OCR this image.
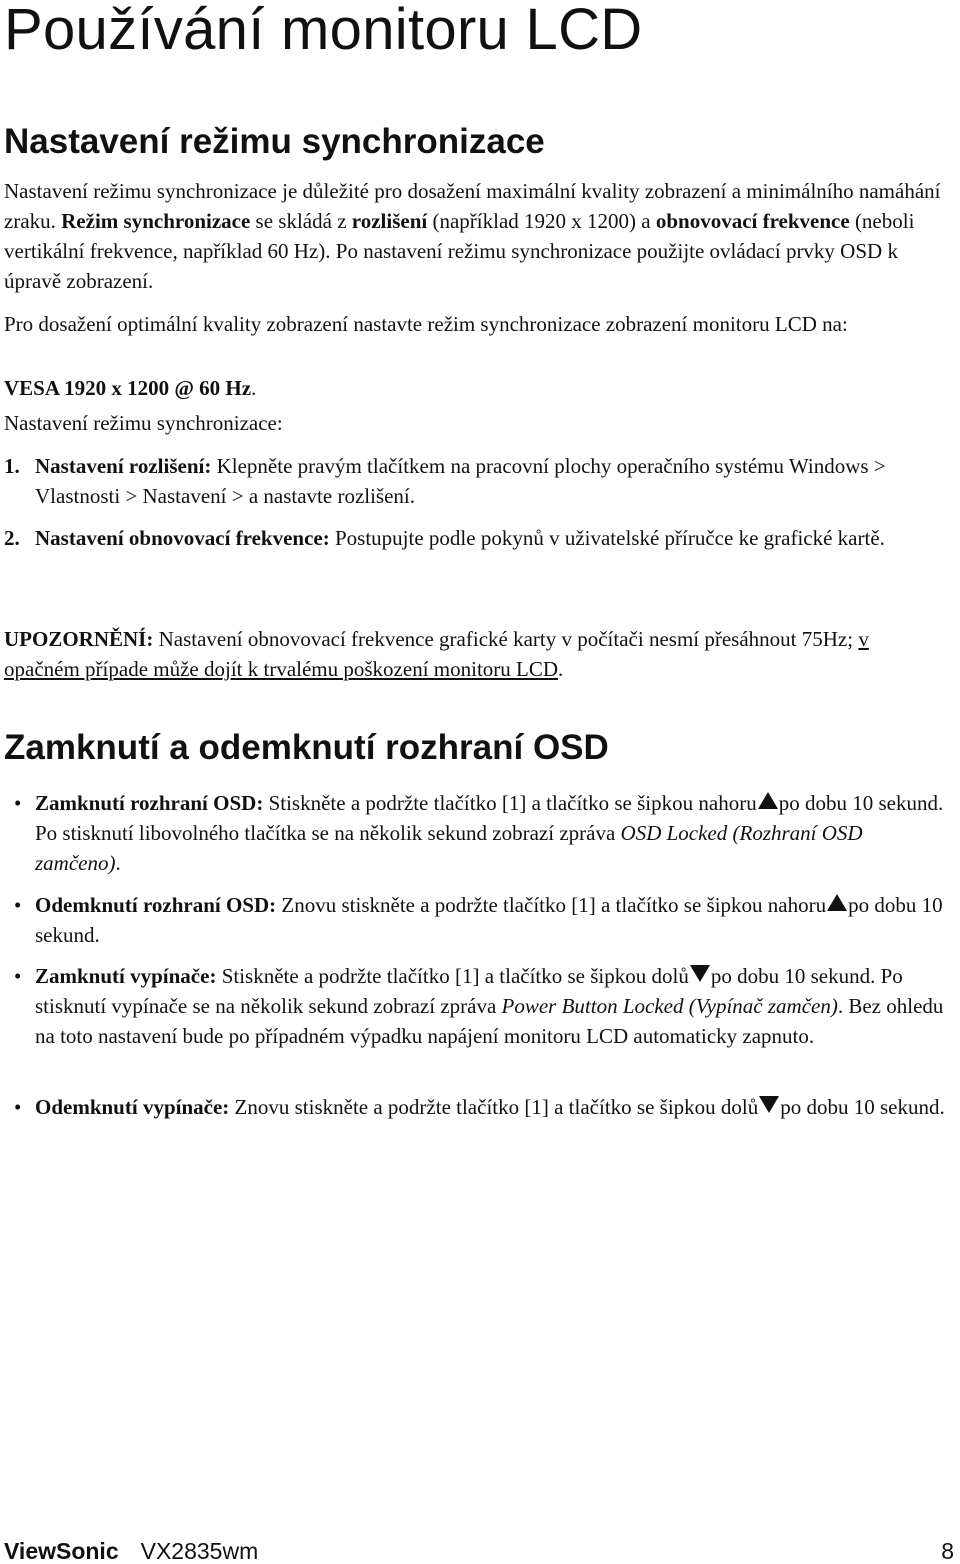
Používání monitoru LCD
Nastavení režimu synchronizace

Nastavení režimu synchronizace je důležité pro dosažení maximální kvality zobrazení a minimálního namáhání zraku. Režim synchronizace se skládá z rozlišení (například 1920 x 1200) a obnovovací frekvence (neboli vertikální frekvence, například 60 Hz). Po nastavení režimu synchronizace použijte ovládací prvky OSD k úpravě zobrazení.

Pro dosažení optimální kvality zobrazení nastavte režim synchronizace zobrazení monitoru LCD na:

VESA 1920 x 1200 @ 60 Hz.

Nastavení režimu synchronizace:

1. Nastavení rozlišení: Klepněte pravým tlačítkem na pracovní plochy operačního systému Windows > Vlastnosti > Nastavení > a nastavte rozlišení.
2. Nastavení obnovovací frekvence: Postupujte podle pokynů v uživatelské příručce ke grafické kartě.

UPOZORNĚNÍ: Nastavení obnovovací frekvence grafické karty v počítači nesmí přesáhnout 75Hz; v opačném případe může dojít k trvalému poškození monitoru LCD.

Zamknutí a odemknutí rozhraní OSD
• Zamknutí rozhraní OSD: Stiskněte a podržte tlačítko [1] a tlačítko se šipkou nahoru po dobu 10 sekund. Po stisknutí libovolného tlačítka se na několik sekund zobrazí zpráva OSD Locked (Rozhraní OSD zamčeno).
• Odemknutí rozhraní OSD: Znovu stiskněte a podržte tlačítko [1] a tlačítko se šipkou nahoru po dobu 10 sekund.
• Zamknutí vypínače: Stiskněte a podržte tlačítko [1] a tlačítko se šipkou dolů po dobu 10 sekund. Po stisknutí vypínače se na několik sekund zobrazí zpráva Power Button Locked (Vypínač zamčen). Bez ohledu na toto nastavení bude po případném výpadku napájení monitoru LCD automaticky zapnuto.
• Odemknutí vypínače: Znovu stiskněte a podržte tlačítko [1] a tlačítko se šipkou dolů po dobu 10 sekund.
ViewSonic VX2835wm	8
